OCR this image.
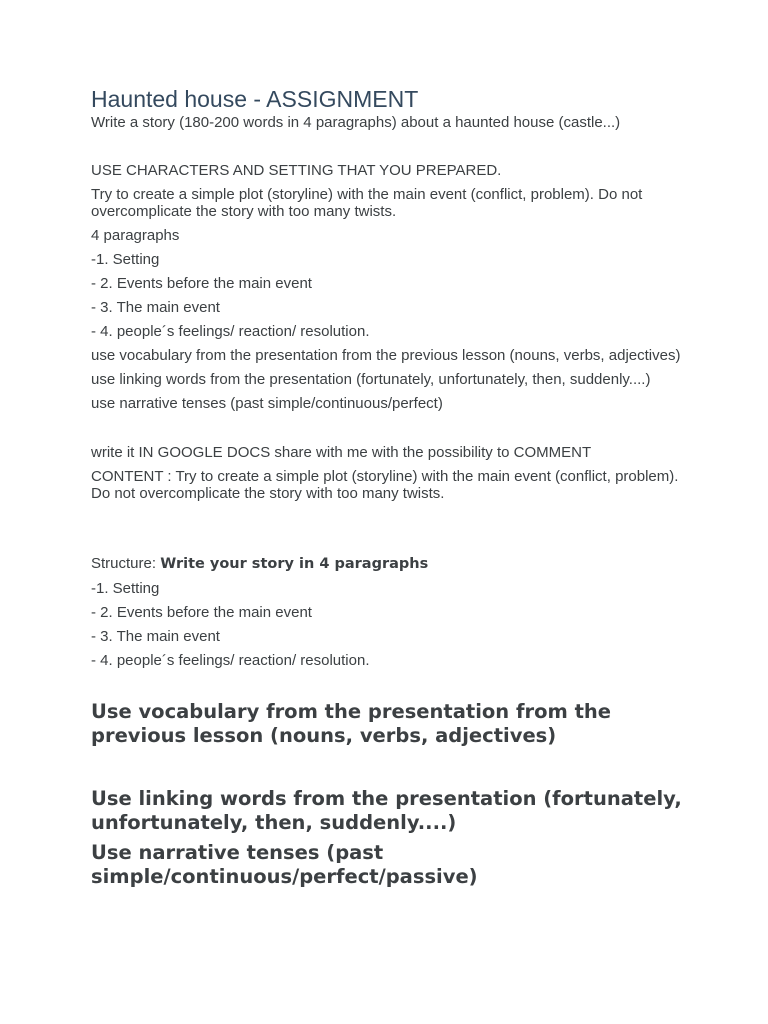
Haunted house - ASSIGNMENT

Write a story (180-200 words in 4 paragraphs) about a haunted house (castle...)

USE CHARACTERS AND SETTING THAT YOU PREPARED.

Try to create a simple plot (storyline) with the main event (conflict, problem). Do not overcomplicate the story with too many twists.

4 paragraphs

-1. Setting

- 2. Events before the main event

- 3. The main event

- 4. people´s feelings/ reaction/ resolution.

use vocabulary from the presentation from the previous lesson (nouns, verbs, adjectives)

use linking words from the presentation (fortunately, unfortunately, then, suddenly....)

use narrative tenses (past simple/continuous/perfect)

write it IN GOOGLE DOCS share with me with the possibility to COMMENT

CONTENT : Try to create a simple plot (storyline) with the main event (conflict, problem). Do not overcomplicate the story with too many twists.

Structure: Write your story in 4 paragraphs

-1. Setting

- 2. Events before the main event

- 3. The main event

- 4. people´s feelings/ reaction/ resolution.

Use vocabulary from the presentation from the previous lesson (nouns, verbs, adjectives)

Use linking words from the presentation (fortunately, unfortunately, then, suddenly....)

Use narrative tenses (past simple/continuous/perfect/passive)
